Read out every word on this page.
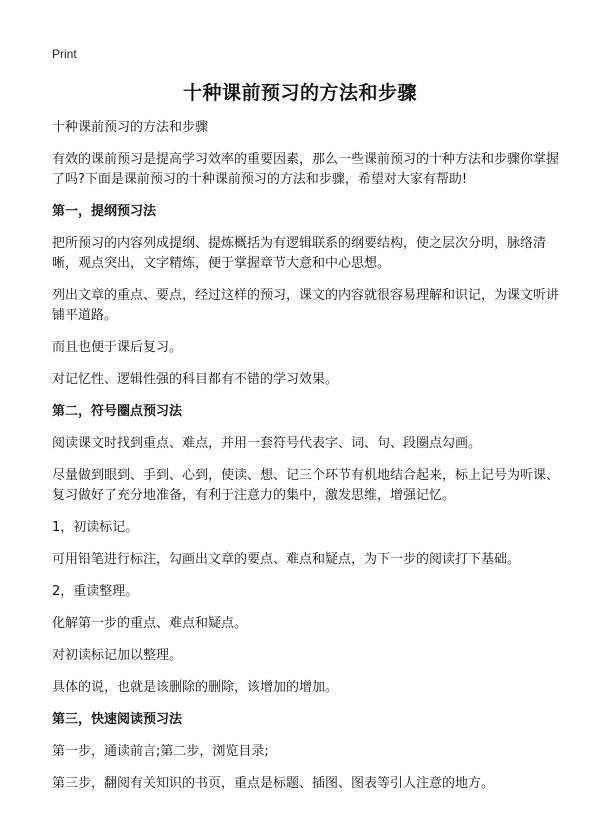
Print
十种课前预习的方法和步骤

十种课前预习的方法和步骤

有效的课前预习是提高学习效率的重要因素，那么一些课前预习的十种方法和步骤你掌握了吗?下面是课前预习的十种课前预习的方法和步骤，希望对大家有帮助!

第一，提纲预习法

把所预习的内容列成提纲、提炼概括为有逻辑联系的纲要结构，使之层次分明，脉络清晰，观点突出，文字精炼，便于掌握章节大意和中心思想。

列出文章的重点、要点，经过这样的预习，课文的内容就很容易理解和识记，为课文听讲铺平道路。

而且也便于课后复习。

对记忆性、逻辑性强的科目都有不错的学习效果。

第二，符号圈点预习法

阅读课文时找到重点、难点，并用一套符号代表字、词、句、段圈点勾画。

尽量做到眼到、手到、心到，使读、想、记三个环节有机地结合起来，标上记号为听课、复习做好了充分地准备，有利于注意力的集中，激发思维，增强记忆。

1，初读标记。

可用铅笔进行标注，勾画出文章的要点、难点和疑点，为下一步的阅读打下基础。

2，重读整理。

化解第一步的重点、难点和疑点。

对初读标记加以整理。

具体的说，也就是该删除的删除，该增加的增加。

第三，快速阅读预习法

第一步，通读前言;第二步，浏览目录;

第三步，翻阅有关知识的书页，重点是标题、插图、图表等引人注意的地方。
